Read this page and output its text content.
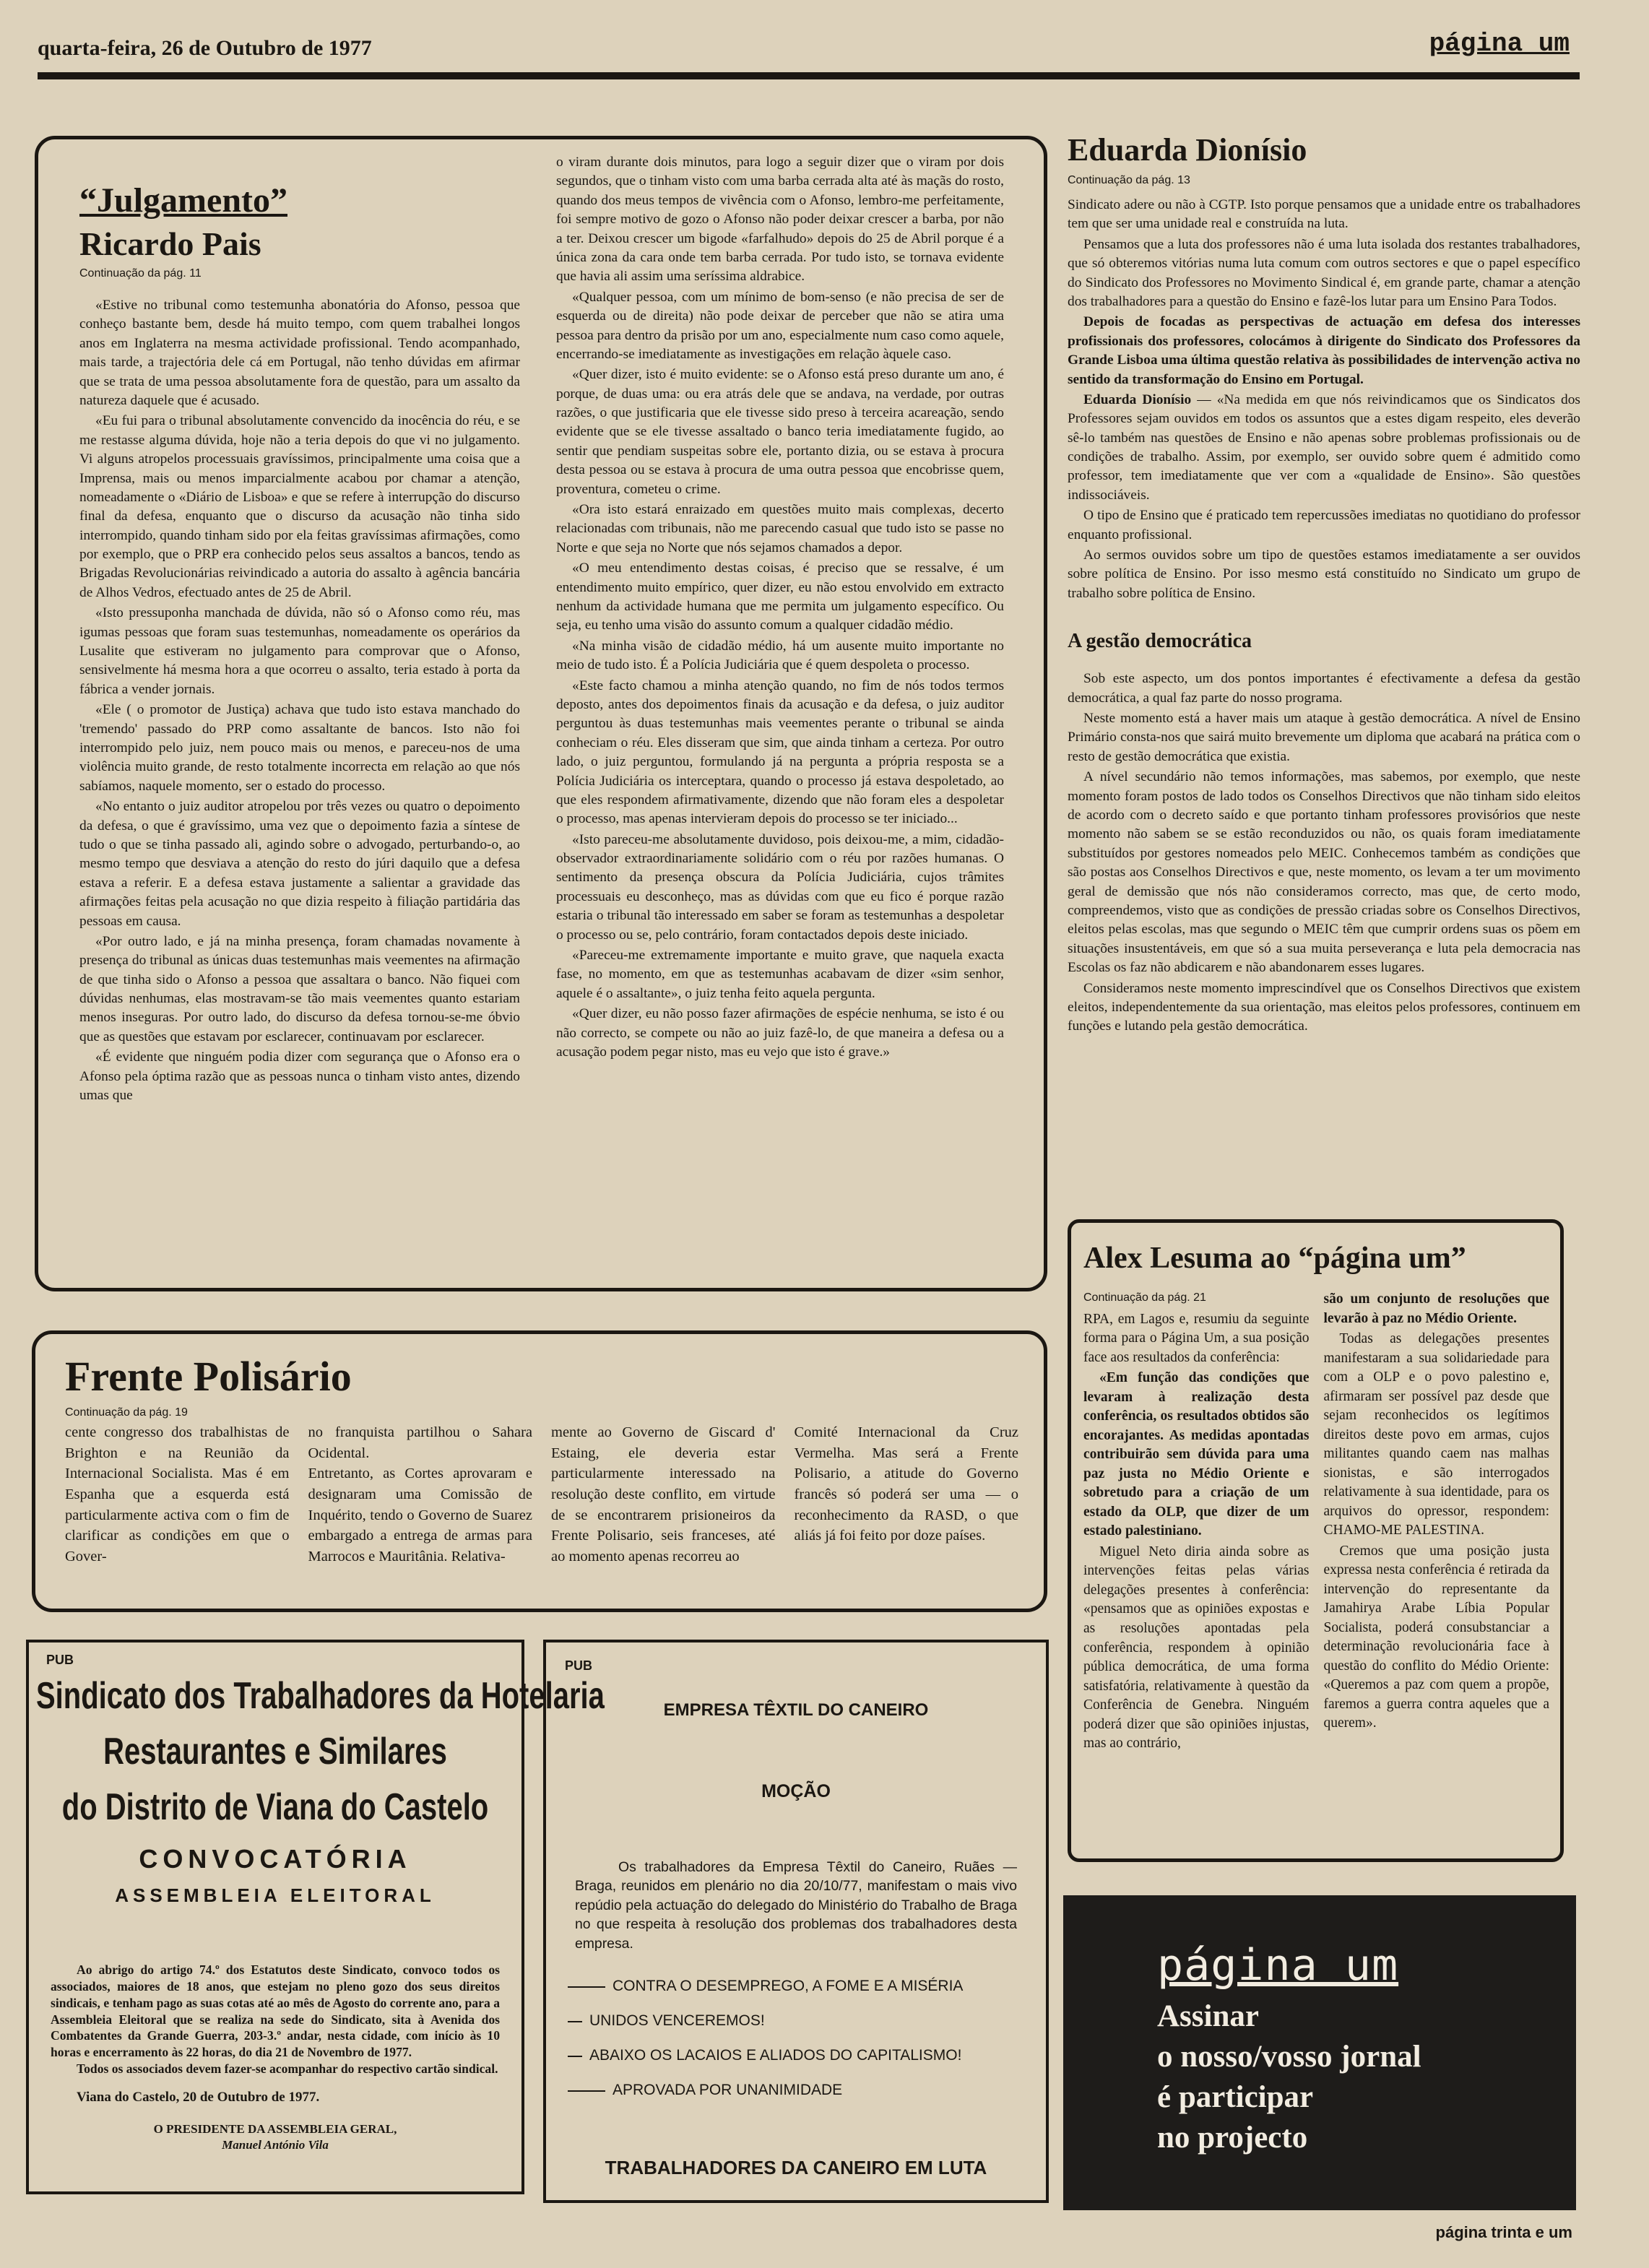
quarta-feira, 26 de Outubro de 1977	página um
“Julgamento”
Ricardo Pais
Continuação da pág. 11

«Estive no tribunal como testemunha abonatória do Afonso, pessoa que conheço bastante bem, desde há muito tempo, com quem trabalhei longos anos em Inglaterra na mesma actividade profissional. Tendo acompanhado, mais tarde, a trajectória dele cá em Portugal, não tenho dúvidas em afirmar que se trata de uma pessoa absolutamente fora de questão, para um assalto da natureza daquele que é acusado.

«Eu fui para o tribunal absolutamente convencido da inocência do réu, e se me restasse alguma dúvida, hoje não a teria depois do que vi no julgamento. Vi alguns atropelos processuais gravíssimos, principalmente uma coisa que a Imprensa, mais ou menos imparcialmente acabou por chamar a atenção, nomeadamente o «Diário de Lisboa» e que se refere à interrupção do discurso final da defesa, enquanto que o discurso da acusação não tinha sido interrompido, quando tinham sido por ela feitas gravíssimas afirmações, como por exemplo, que o PRP era conhecido pelos seus assaltos a bancos, tendo as Brigadas Revolucionárias reivindicado a autoria do assalto à agência bancária de Alhos Vedros, efectuado antes de 25 de Abril.

«Isto pressuponha manchada de dúvida, não só o Afonso como réu, mas igumas pessoas que foram suas testemunhas, nomeadamente os operários da Lusalite que estiveram no julgamento para comprovar que o Afonso, sensivelmente há mesma hora a que ocorreu o assalto, teria estado à porta da fábrica a vender jornais.

«Ele ( o promotor de Justiça) achava que tudo isto estava manchado do 'tremendo' passado do PRP como assaltante de bancos. Isto não foi interrompido pelo juiz, nem pouco mais ou menos, e pareceu-nos de uma violência muito grande, de resto totalmente incorrecta em relação ao que nós sabíamos, naquele momento, ser o estado do processo.

«No entanto o juiz auditor atropelou por três vezes ou quatro o depoimento da defesa, o que é gravíssimo, uma vez que o depoimento fazia a síntese de tudo o que se tinha passado ali, agindo sobre o advogado, perturbando-o, ao mesmo tempo que desviava a atenção do resto do júri daquilo que a defesa estava a referir. E a defesa estava justamente a salientar a gravidade das afirmações feitas pela acusação no que dizia respeito à filiação partidária das pessoas em causa.

«Por outro lado, e já na minha presença, foram chamadas novamente à presença do tribunal as únicas duas testemunhas mais veementes na afirmação de que tinha sido o Afonso a pessoa que assaltara o banco. Não fiquei com dúvidas nenhumas, elas mostravam-se tão mais veementes quanto estariam menos inseguras. Por outro lado, do discurso da defesa tornou-se-me óbvio que as questões que estavam por esclarecer, continuavam por esclarecer.

«É evidente que ninguém podia dizer com segurança que o Afonso era o Afonso pela óptima razão que as pessoas nunca o tinham visto antes, dizendo umas que

o viram durante dois minutos, para logo a seguir dizer que o viram por dois segundos, que o tinham visto com uma barba cerrada alta até às maçãs do rosto, quando dos meus tempos de vivência com o Afonso, lembro-me perfeitamente, foi sempre motivo de gozo o Afonso não poder deixar crescer a barba, por não a ter. Deixou crescer um bigode «farfalhudo» depois do 25 de Abril porque é a única zona da cara onde tem barba cerrada. Por tudo isto, se tornava evidente que havia ali assim uma seríssima aldrabice.

«Qualquer pessoa, com um mínimo de bom-senso (e não precisa de ser de esquerda ou de direita) não pode deixar de perceber que não se atira uma pessoa para dentro da prisão por um ano, especialmente num caso como aquele, encerrando-se imediatamente as investigações em relação àquele caso.

«Quer dizer, isto é muito evidente: se o Afonso está preso durante um ano, é porque, de duas uma: ou era atrás dele que se andava, na verdade, por outras razões, o que justificaria que ele tivesse sido preso à terceira acareação, sendo evidente que se ele tivesse assaltado o banco teria imediatamente fugido, ao sentir que pendiam suspeitas sobre ele, portanto dizia, ou se estava à procura desta pessoa ou se estava à procura de uma outra pessoa que encobrisse quem, proventura, cometeu o crime.

«Ora isto estará enraizado em questões muito mais complexas, decerto relacionadas com tribunais, não me parecendo casual que tudo isto se passe no Norte e que seja no Norte que nós sejamos chamados a depor.

«O meu entendimento destas coisas, é preciso que se ressalve, é um entendimento muito empírico, quer dizer, eu não estou envolvido em extracto nenhum da actividade humana que me permita um julgamento específico. Ou seja, eu tenho uma visão do assunto comum a qualquer cidadão médio.

«Na minha visão de cidadão médio, há um ausente muito importante no meio de tudo isto. É a Polícia Judiciária que é quem despoleta o processo.

«Este facto chamou a minha atenção quando, no fim de nós todos termos deposto, antes dos depoimentos finais da acusação e da defesa, o juiz auditor perguntou às duas testemunhas mais veementes perante o tribunal se ainda conheciam o réu. Eles disseram que sim, que ainda tinham a certeza. Por outro lado, o juiz perguntou, formulando já na pergunta a própria resposta se a Polícia Judiciária os interceptara, quando o processo já estava despoletado, ao que eles respondem afirmativamente, dizendo que não foram eles a despoletar o processo, mas apenas intervieram depois do processo se ter iniciado...

«Isto pareceu-me absolutamente duvidoso, pois deixou-me, a mim, cidadão-observador extraordinariamente solidário com o réu por razões humanas. O sentimento da presença obscura da Polícia Judiciária, cujos trâmites processuais eu desconheço, mas as dúvidas com que eu fico é porque razão estaria o tribunal tão interessado em saber se foram as testemunhas a despoletar o processo ou se, pelo contrário, foram contactados depois deste iniciado.

«Pareceu-me extremamente importante e muito grave, que naquela exacta fase, no momento, em que as testemunhas acabavam de dizer «sim senhor, aquele é o assaltante», o juiz tenha feito aquela pergunta.

«Quer dizer, eu não posso fazer afirmações de espécie nenhuma, se isto é ou não correcto, se compete ou não ao juiz fazê-lo, de que maneira a defesa ou a acusação podem pegar nisto, mas eu vejo que isto é grave.»

Eduarda Dionísio
Continuação da pág. 13

Sindicato adere ou não à CGTP. Isto porque pensamos que a unidade entre os trabalhadores tem que ser uma unidade real e construída na luta.

Pensamos que a luta dos professores não é uma luta isolada dos restantes trabalhadores, que só obteremos vitórias numa luta comum com outros sectores e que o papel específico do Sindicato dos Professores no Movimento Sindical é, em grande parte, chamar a atenção dos trabalhadores para a questão do Ensino e fazê-los lutar para um Ensino Para Todos.

Depois de focadas as perspectivas de actuação em defesa dos interesses profissionais dos professores, colocámos à dirigente do Sindicato dos Professores da Grande Lisboa uma última questão relativa às possibilidades de intervenção activa no sentido da transformação do Ensino em Portugal.

Eduarda Dionísio — «Na medida em que nós reivindicamos que os Sindicatos dos Professores sejam ouvidos em todos os assuntos que a estes digam respeito, eles deverão sê-lo também nas questões de Ensino e não apenas sobre problemas profissionais ou de condições de trabalho. Assim, por exemplo, ser ouvido sobre quem é admitido como professor, tem imediatamente que ver com a «qualidade de Ensino». São questões indissociáveis.

O tipo de Ensino que é praticado tem repercussões imediatas no quotidiano do professor enquanto profissional.

Ao sermos ouvidos sobre um tipo de questões estamos imediatamente a ser ouvidos sobre política de Ensino. Por isso mesmo está constituído no Sindicato um grupo de trabalho sobre política de Ensino.

A gestão democrática

Sob este aspecto, um dos pontos importantes é efectivamente a defesa da gestão democrática, a qual faz parte do nosso programa.

Neste momento está a haver mais um ataque à gestão democrática. A nível de Ensino Primário consta-nos que sairá muito brevemente um diploma que acabará na prática com o resto de gestão democrática que existia.

A nível secundário não temos informações, mas sabemos, por exemplo, que neste momento foram postos de lado todos os Conselhos Directivos que não tinham sido eleitos de acordo com o decreto saído e que portanto tinham professores provisórios que neste momento não sabem se se estão reconduzidos ou não, os quais foram imediatamente substituídos por gestores nomeados pelo MEIC. Conhecemos também as condições que são postas aos Conselhos Directivos e que, neste momento, os levam a ter um movimento geral de demissão que nós não consideramos correcto, mas que, de certo modo, compreendemos, visto que as condições de pressão criadas sobre os Conselhos Directivos, eleitos pelas escolas, mas que segundo o MEIC têm que cumprir ordens suas os põem em situações insustentáveis, em que só a sua muita perseverança e luta pela democracia nas Escolas os faz não abdicarem e não abandonarem esses lugares.

Consideramos neste momento imprescindível que os Conselhos Directivos que existem eleitos, independentemente da sua orientação, mas eleitos pelos professores, continuem em funções e lutando pela gestão democrática.

Frente Polisário
Continuação da pág. 19
cente congresso dos trabalhistas de Brighton e na Reunião da Internacional Socialista. Mas é em Espanha que a esquerda está particularmente activa com o fim de clarificar as condições em que o Gover-
no franquista partilhou o Sahara Ocidental.
Entretanto, as Cortes aprovaram e designaram uma Comissão de Inquérito, tendo o Governo de Suarez embargado a entrega de armas para Marrocos e Mauritânia. Relativa-
mente ao Governo de Giscard d' Estaing, ele deveria estar particularmente interessado na resolução deste conflito, em virtude de se encontrarem prisioneiros da Frente Polisario, seis franceses, até ao momento apenas recorreu ao
Comité Internacional da Cruz Vermelha. Mas será a Frente Polisario, a atitude do Governo francês só poderá ser uma — o reconhecimento da RASD, o que aliás já foi feito por doze países.
Alex Lesuma ao “página um”
Continuação da pág. 21

RPA, em Lagos e, resumiu da seguinte forma para o Página Um, a sua posição face aos resultados da conferência:

«Em função das condições que levaram à realização desta conferência, os resultados obtidos são encorajantes. As medidas apontadas contribuirão sem dúvida para uma paz justa no Médio Oriente e sobretudo para a criação de um estado da OLP, que dizer de um estado palestiniano.

Miguel Neto diria ainda sobre as intervenções feitas pelas várias delegações presentes à conferência: «pensamos que as opiniões expostas e as resoluções apontadas pela conferência, respondem à opinião pública democrática, de uma forma satisfatória, relativamente à questão da Conferência de Genebra. Ninguém poderá dizer que são opiniões injustas, mas ao contrário,

são um conjunto de resoluções que levarão à paz no Médio Oriente.

Todas as delegações presentes manifestaram a sua solidariedade para com a OLP e o povo palestino e, afirmaram ser possível paz desde que sejam reconhecidos os legítimos direitos deste povo em armas, cujos militantes quando caem nas malhas sionistas, e são interrogados relativamente à sua identidade, para os arquivos do opressor, respondem: CHAMO-ME PALESTINA.

Cremos que uma posição justa expressa nesta conferência é retirada da intervenção do representante da Jamahirya Arabe Líbia Popular Socialista, poderá consubstanciar a determinação revolucionária face à questão do conflito do Médio Oriente: «Queremos a paz com quem a propõe, faremos a guerra contra aqueles que a querem».

PUB
Sindicato dos Trabalhadores da Hotelaria
Restaurantes e Similares
do Distrito de Viana do Castelo
CONVOCATÓRIA
ASSEMBLEIA ELEITORAL

Ao abrigo do artigo 74.º dos Estatutos deste Sindicato, convoco todos os associados, maiores de 18 anos, que estejam no pleno gozo dos seus direitos sindicais, e tenham pago as suas cotas até ao mês de Agosto do corrente ano, para a Assembleia Eleitoral que se realiza na sede do Sindicato, sita à Avenida dos Combatentes da Grande Guerra, 203-3.º andar, nesta cidade, com início às 10 horas e encerramento às 22 horas, do dia 21 de Novembro de 1977.

Todos os associados devem fazer-se acompanhar do respectivo cartão sindical.

Viana do Castelo, 20 de Outubro de 1977.

O PRESIDENTE DA ASSEMBLEIA GERAL,

Manuel António Vila

PUB
EMPRESA TÊXTIL DO CANEIRO
MOÇÃO
Os trabalhadores da Empresa Têxtil do Caneiro, Ruães — Braga, reunidos em plenário no dia 20/10/77, manifestam o mais vivo repúdio pela actuação do delegado do Ministério do Trabalho de Braga no que respeita à resolução dos problemas dos trabalhadores desta empresa.
CONTRA O DESEMPREGO, A FOME E A MISÉRIA
UNIDOS VENCEREMOS!
ABAIXO OS LACAIOS E ALIADOS DO CAPITALISMO!
APROVADA POR UNANIMIDADE
TRABALHADORES DA CANEIRO EM LUTA
página um
Assinar
o nosso/vosso jornal
é participar
no projecto
página trinta e um
